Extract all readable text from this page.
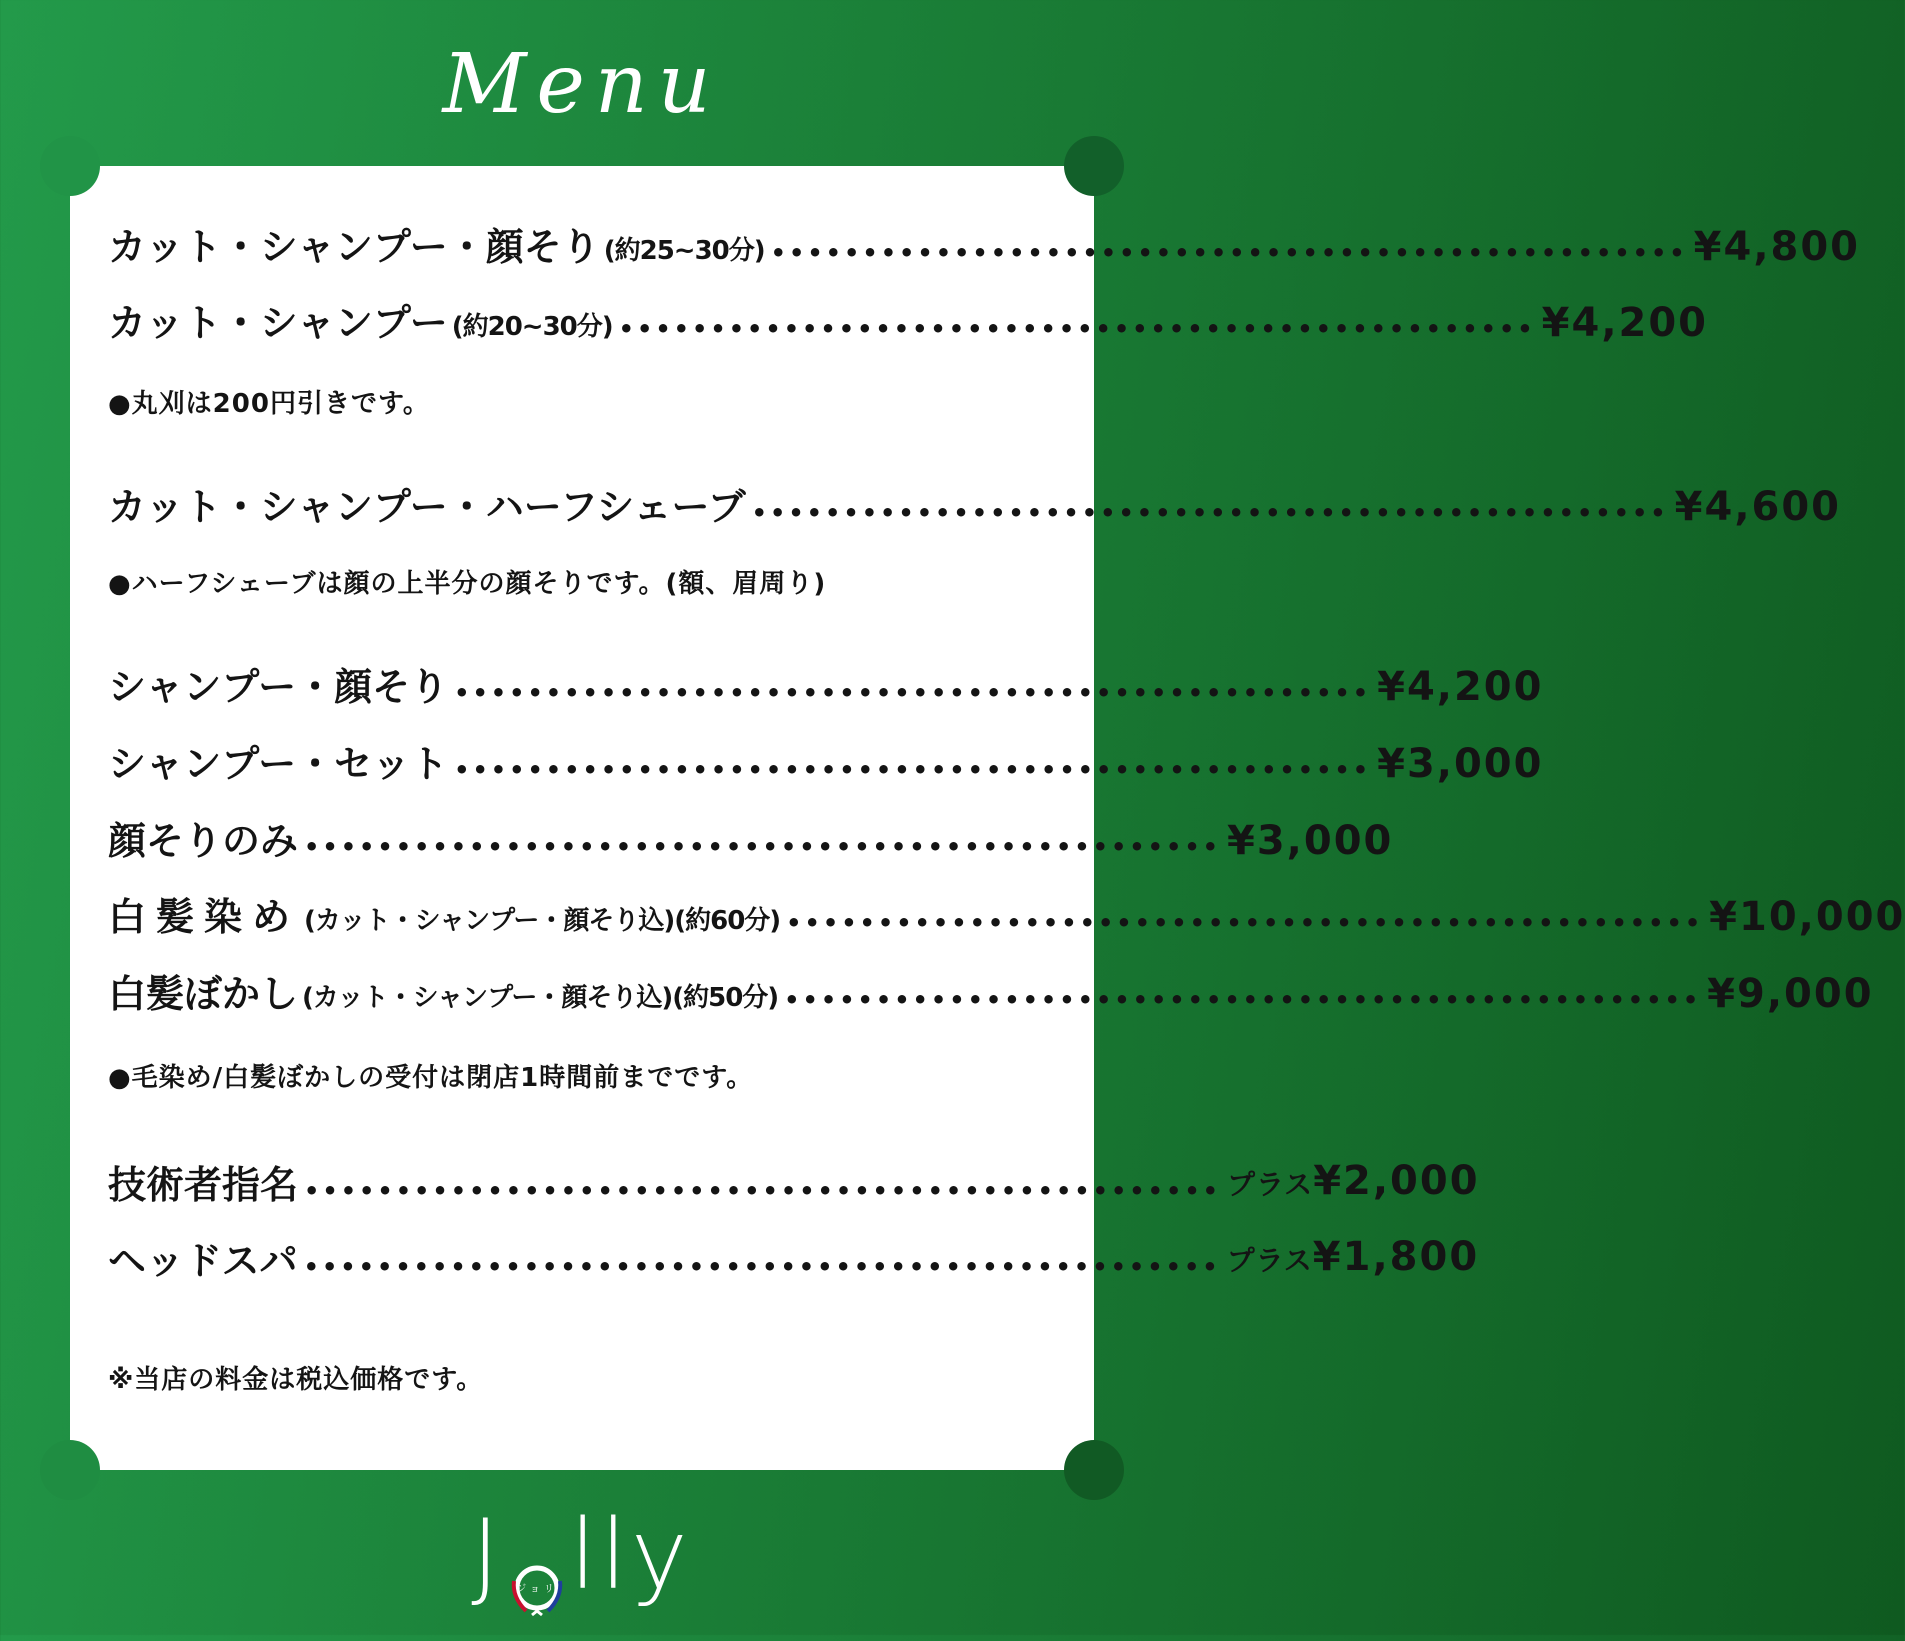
Menu
カット・シャンプー・顔そり (約25~30分) •••••••••••••••••••••••••••••••••••••••••••••••••• ¥4,800
カット・シャンプー (約20~30分) •••••••••••••••••••••••••••••••••••••••••••••••••• ¥4,200
●丸刈は200円引きです。
カット・シャンプー・ハーフシェーブ •••••••••••••••••••••••••••••••••••••••••••••••••• ¥4,600
●ハーフシェーブは顔の上半分の顔そりです。(額、眉周り)
シャンプー・顔そり •••••••••••••••••••••••••••••••••••••••••••••••••• ¥4,200
シャンプー・セット •••••••••••••••••••••••••••••••••••••••••••••••••• ¥3,000
顔そりのみ •••••••••••••••••••••••••••••••••••••••••••••••••• ¥3,000
白髪染め (カット・シャンプー・顔そり込)(約60分) •••••••••••••••••••••••••••••••••••••••••••••••••• ¥10,000
白髪ぼかし (カット・シャンプー・顔そり込)(約50分) •••••••••••••••••••••••••••••••••••••••••••••••••• ¥9,000
●毛染め/白髪ぼかしの受付は閉店1時間前までです。
技術者指名 •••••••••••••••••••••••••••••••••••••••••••••••••• プラス¥2,000
ヘッドスパ •••••••••••••••••••••••••••••••••••••••••••••••••• プラス¥1,800
※当店の料金は税込価格です。
J ジョリ lly
